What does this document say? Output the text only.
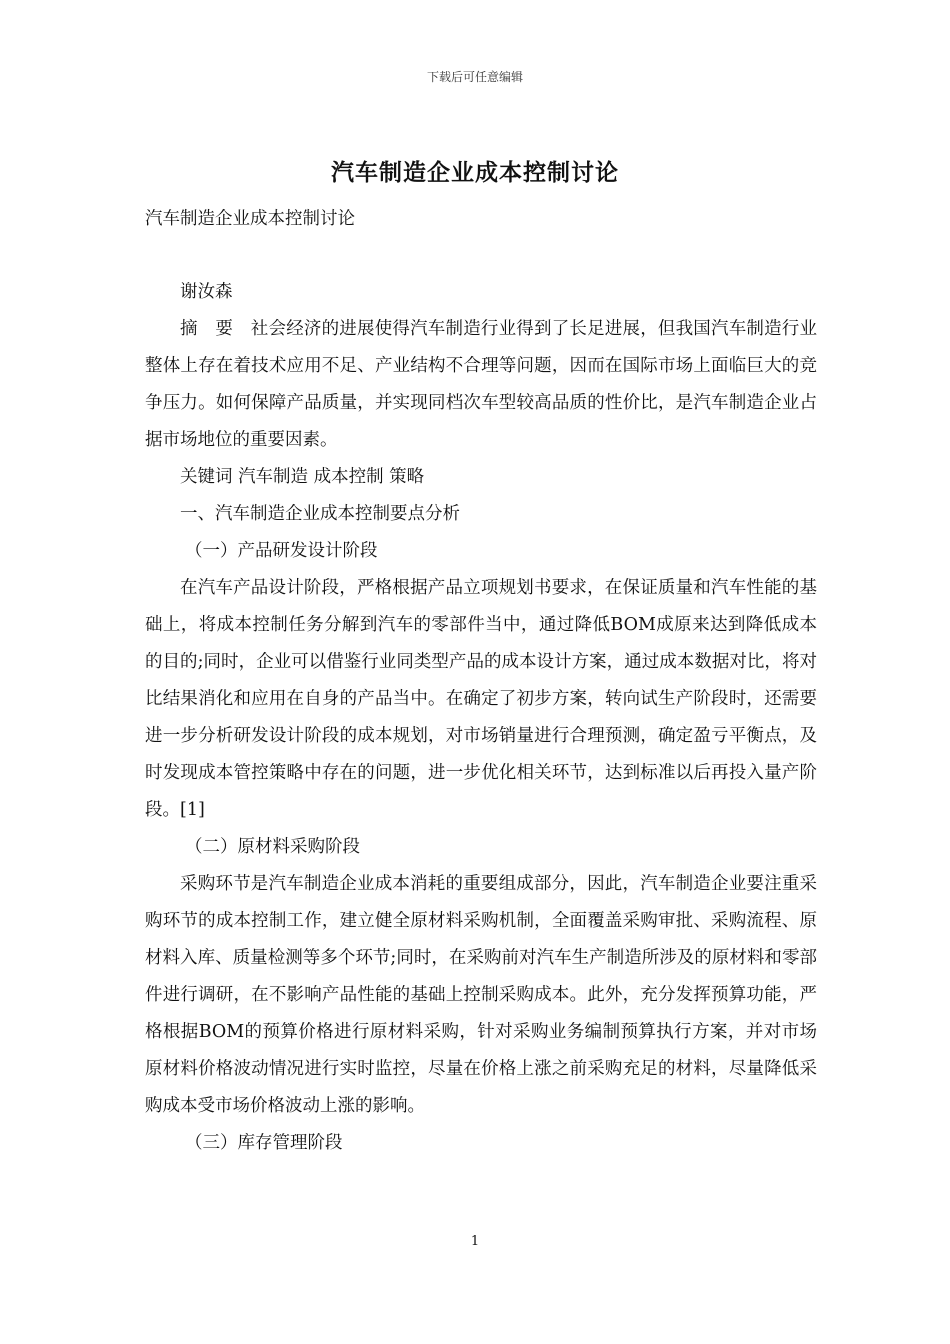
下载后可任意编辑
汽车制造企业成本控制讨论

汽车制造企业成本控制讨论

谢汝森

摘　要　社会经济的进展使得汽车制造行业得到了长足进展，但我国汽车制造行业整体上存在着技术应用不足、产业结构不合理等问题，因而在国际市场上面临巨大的竞争压力。如何保障产品质量，并实现同档次车型较高品质的性价比，是汽车制造企业占据市场地位的重要因素。

关键词 汽车制造 成本控制 策略

一、汽车制造企业成本控制要点分析

（一）产品研发设计阶段

在汽车产品设计阶段，严格根据产品立项规划书要求，在保证质量和汽车性能的基础上，将成本控制任务分解到汽车的零部件当中，通过降低BOM成原来达到降低成本的目的;同时，企业可以借鉴行业同类型产品的成本设计方案，通过成本数据对比，将对比结果消化和应用在自身的产品当中。在确定了初步方案，转向试生产阶段时，还需要进一步分析研发设计阶段的成本规划，对市场销量进行合理预测，确定盈亏平衡点，及时发现成本管控策略中存在的问题，进一步优化相关环节，达到标准以后再投入量产阶段。[1]

（二）原材料采购阶段

采购环节是汽车制造企业成本消耗的重要组成部分，因此，汽车制造企业要注重采购环节的成本控制工作，建立健全原材料采购机制，全面覆盖采购审批、采购流程、原材料入库、质量检测等多个环节;同时，在采购前对汽车生产制造所涉及的原材料和零部件进行调研，在不影响产品性能的基础上控制采购成本。此外，充分发挥预算功能，严格根据BOM的预算价格进行原材料采购，针对采购业务编制预算执行方案，并对市场原材料价格波动情况进行实时监控，尽量在价格上涨之前采购充足的材料，尽量降低采购成本受市场价格波动上涨的影响。

（三）库存管理阶段

1
